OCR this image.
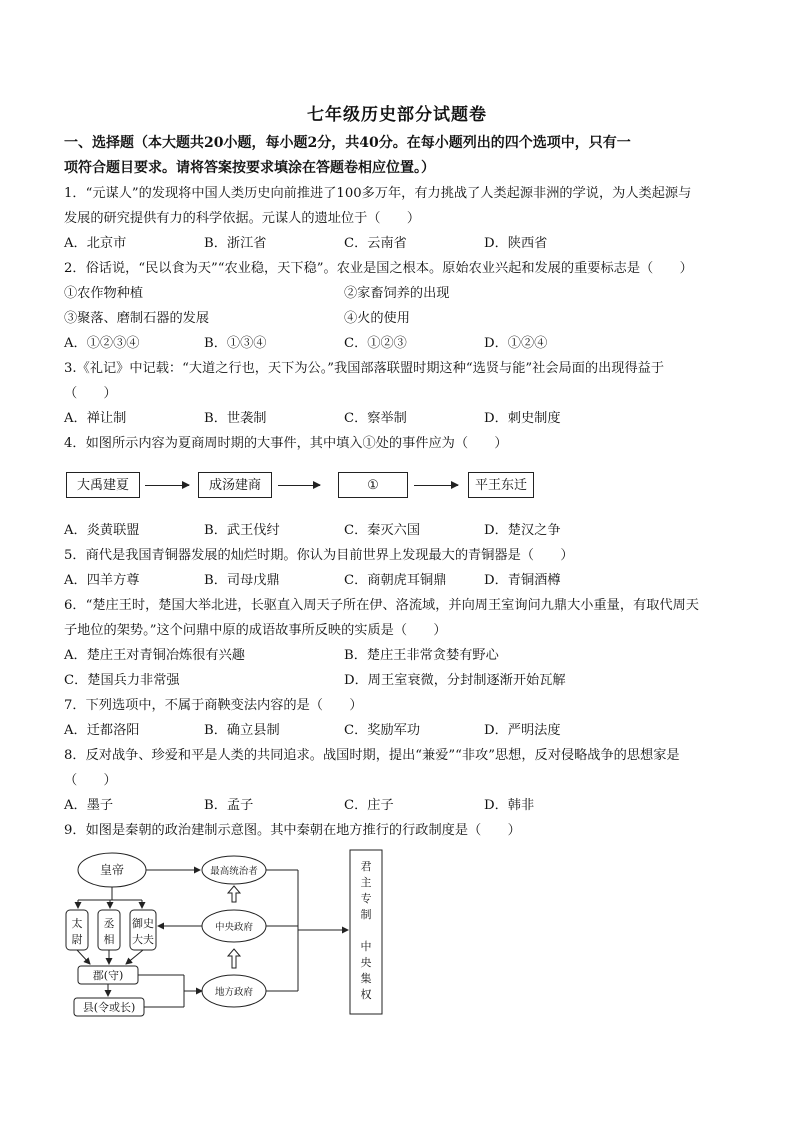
七年级历史部分试题卷
一、选择题（本大题共20小题，每小题2分，共40分。在每小题列出的四个选项中，只有一
项符合题目要求。请将答案按要求填涂在答题卷相应位置。）
1．“元谋人”的发现将中国人类历史向前推进了100多万年，有力挑战了人类起源非洲的学说，为人类起源与
发展的研究提供有力的科学依据。元谋人的遗址位于（　　）
A．北京市	B．浙江省	C．云南省	D．陕西省
2．俗话说，“民以食为天”“农业稳，天下稳”。农业是国之根本。原始农业兴起和发展的重要标志是（　　）
①农作物种植	②家畜饲养的出现
③聚落、磨制石器的发展	④火的使用
A．①②③④	B．①③④	C．①②③	D．①②④
3.《礼记》中记载：“大道之行也，天下为公。”我国部落联盟时期这种“选贤与能”社会局面的出现得益于
（　　）
A．禅让制	B．世袭制	C．察举制	D．刺史制度
4．如图所示内容为夏商周时期的大事件，其中填入①处的事件应为（　　）
大禹建夏	成汤建商	①	平王东迁
A．炎黄联盟	B．武王伐纣	C．秦灭六国	D．楚汉之争
5．商代是我国青铜器发展的灿烂时期。你认为目前世界上发现最大的青铜器是（　　）
A．四羊方尊	B．司母戊鼎	C．商朝虎耳铜鼎	D．青铜酒樽
6．“楚庄王时，楚国大举北进，长驱直入周天子所在伊、洛流域，并向周王室询问九鼎大小重量，有取代周天
子地位的架势。”这个问鼎中原的成语故事所反映的实质是（　　）
A．楚庄王对青铜冶炼很有兴趣	B．楚庄王非常贪婪有野心
C．楚国兵力非常强	D．周王室衰微，分封制逐渐开始瓦解
7．下列选项中，不属于商鞅变法内容的是（　　）
A．迁都洛阳	B．确立县制	C．奖励军功	D．严明法度
8．反对战争、珍爱和平是人类的共同追求。战国时期，提出“兼爱”“非攻”思想，反对侵略战争的思想家是
（　　）
A．墨子	B．孟子	C．庄子	D．韩非
9．如图是秦朝的政治建制示意图。其中秦朝在地方推行的行政制度是（　　）
皇帝
太
尉
丞
相
御史
大夫
郡(守)
县(令或长)
最高统治者
中央政府
地方政府
君
主
专
制
中
央
集
权
